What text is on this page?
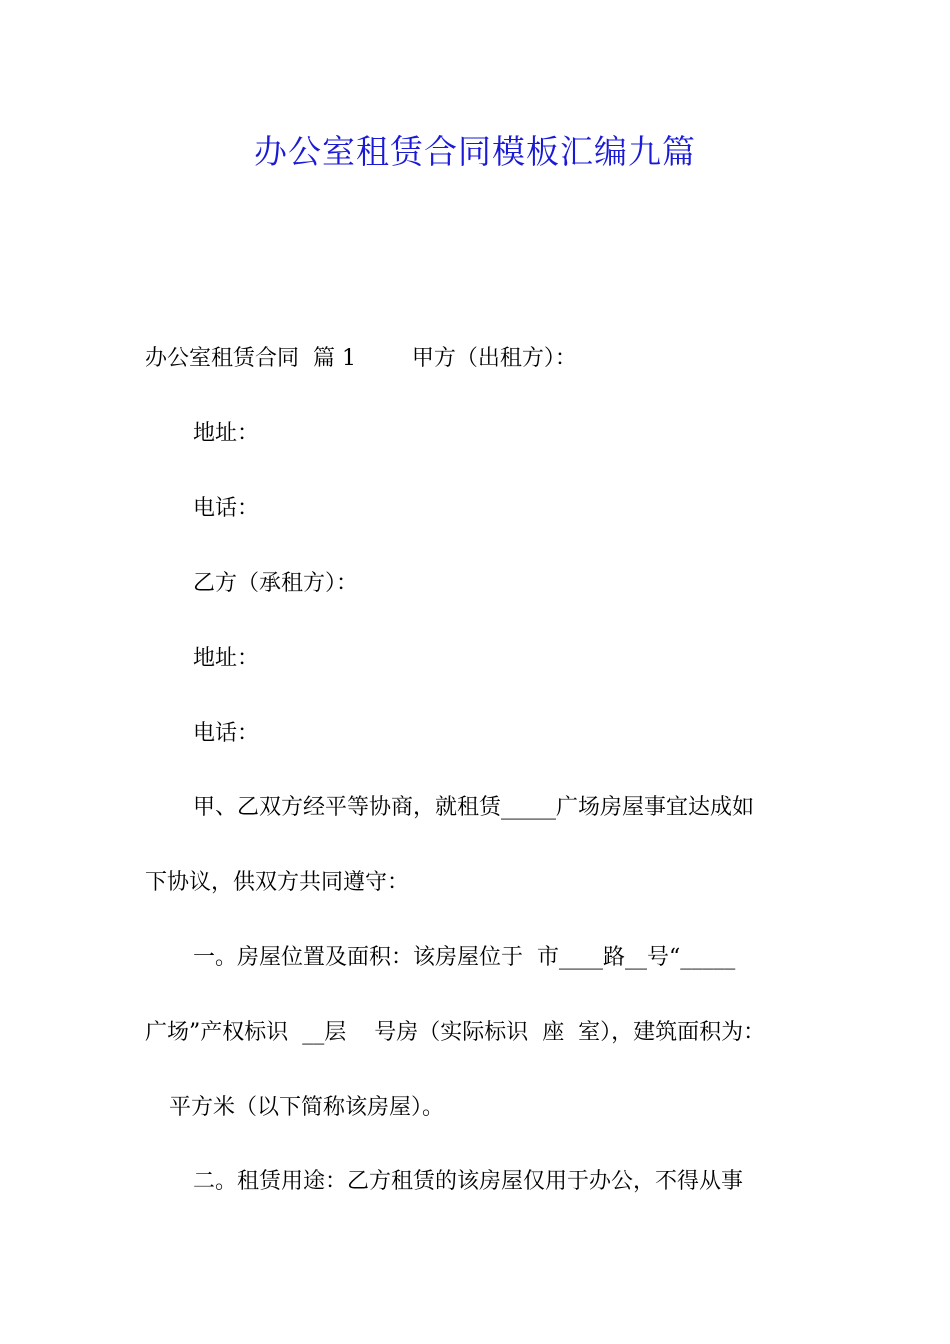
办公室租赁合同模板汇编九篇
办公室租赁合同  篇 1        甲方（出租方）：
地址：
电话：
乙方（承租方）：
地址：
电话：
甲、乙双方经平等协商，就租赁_____广场房屋事宜达成如
下协议，供双方共同遵守：
一。房屋位置及面积：该房屋位于  市____路__号“_____
广场”产权标识  __层    号房（实际标识  座  室），建筑面积为：
平方米（以下简称该房屋）。
二。租赁用途：乙方租赁的该房屋仅用于办公，不得从事
